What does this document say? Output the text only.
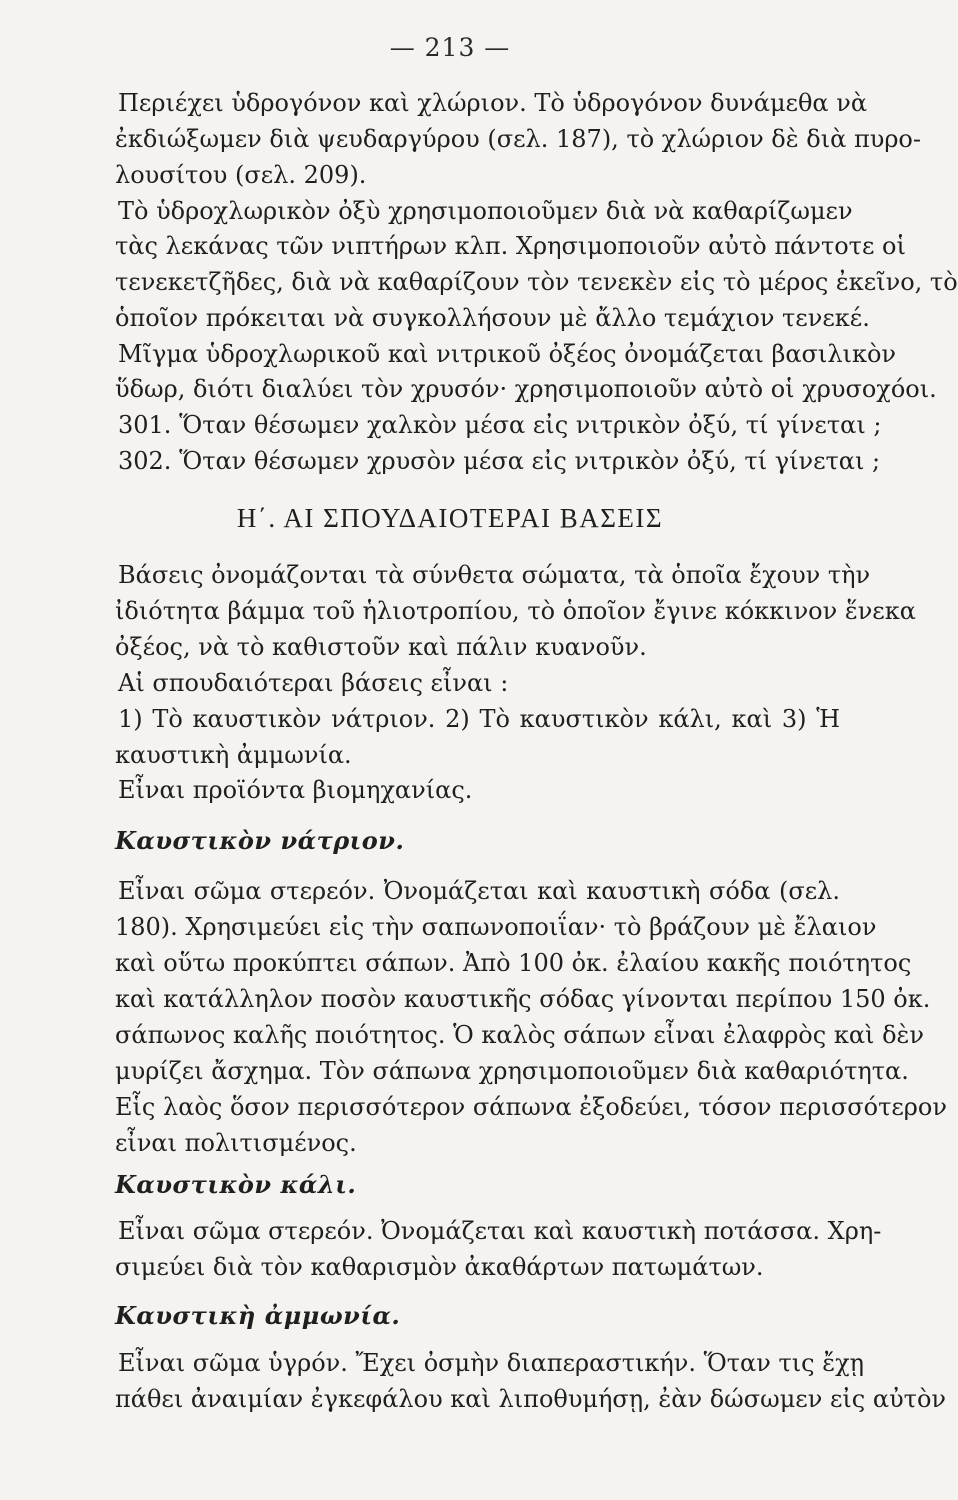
— 213 —
Περιέχει ὑδρογόνον καὶ χλώριον. Τὸ ὑδρογόνον δυνάμεθα νὰ
ἐκδιώξωμεν διὰ ψευδαργύρου (σελ. 187), τὸ χλώριον δὲ διὰ πυρο-
λουσίτου (σελ. 209).
Τὸ ὑδροχλωρικὸν ὀξὺ χρησιμοποιοῦμεν διὰ νὰ καθαρίζωμεν
τὰς λεκάνας τῶν νιπτήρων κλπ. Χρησιμοποιοῦν αὐτὸ πάντοτε οἱ
τενεκετζῆδες, διὰ νὰ καθαρίζουν τὸν τενεκὲν εἰς τὸ μέρος ἐκεῖνο, τὸ
ὁποῖον πρόκειται νὰ συγκολλήσουν μὲ ἄλλο τεμάχιον τενεκέ.
Μῖγμα ὑδροχλωρικοῦ καὶ νιτρικοῦ ὀξέος ὀνομάζεται βασιλικὸν
ὕδωρ, διότι διαλύει τὸν χρυσόν· χρησιμοποιοῦν αὐτὸ οἱ χρυσοχόοι.
301. Ὅταν θέσωμεν χαλκὸν μέσα εἰς νιτρικὸν ὀξύ, τί γίνεται ;
302. Ὅταν θέσωμεν χρυσὸν μέσα εἰς νιτρικὸν ὀξύ, τί γίνεται ;
Η΄. ΑΙ ΣΠΟΥΔΑΙΟΤΕΡΑΙ ΒΑΣΕΙΣ
Βάσεις ὀνομάζονται τὰ σύνθετα σώματα, τὰ ὁποῖα ἔχουν τὴν
ἰδιότητα βάμμα τοῦ ἡλιοτροπίου, τὸ ὁποῖον ἔγινε κόκκινον ἕνεκα
ὀξέος, νὰ τὸ καθιστοῦν καὶ πάλιν κυανοῦν.
Αἱ σπουδαιότεραι βάσεις εἶναι :
1) Τὸ καυστικὸν νάτριον. 2) Τὸ καυστικὸν κάλι, καὶ 3) Ἡ
καυστικὴ ἀμμωνία.
Εἶναι προϊόντα βιομηχανίας.
Καυστικὸν νάτριον.
Εἶναι σῶμα στερεόν. Ὀνομάζεται καὶ καυστικὴ σόδα (σελ.
180). Χρησιμεύει εἰς τὴν σαπωνοποιΐαν· τὸ βράζουν μὲ ἔλαιον
καὶ οὕτω προκύπτει σάπων. Ἀπὸ 100 ὀκ. ἐλαίου κακῆς ποιότητος
καὶ κατάλληλον ποσὸν καυστικῆς σόδας γίνονται περίπου 150 ὀκ.
σάπωνος καλῆς ποιότητος. Ὁ καλὸς σάπων εἶναι ἐλαφρὸς καὶ δὲν
μυρίζει ἄσχημα. Τὸν σάπωνα χρησιμοποιοῦμεν διὰ καθαριότητα.
Εἷς λαὸς ὅσον περισσότερον σάπωνα ἐξοδεύει, τόσον περισσότερον
εἶναι πολιτισμένος.
Καυστικὸν κάλι.
Εἶναι σῶμα στερεόν. Ὀνομάζεται καὶ καυστικὴ ποτάσσα. Χρη-
σιμεύει διὰ τὸν καθαρισμὸν ἀκαθάρτων πατωμάτων.
Καυστικὴ ἀμμωνία.
Εἶναι σῶμα ὑγρόν. Ἔχει ὀσμὴν διαπεραστικήν. Ὅταν τις ἔχῃ
πάθει ἀναιμίαν ἐγκεφάλου καὶ λιποθυμήσῃ, ἐὰν δώσωμεν εἰς αὐτὸν
